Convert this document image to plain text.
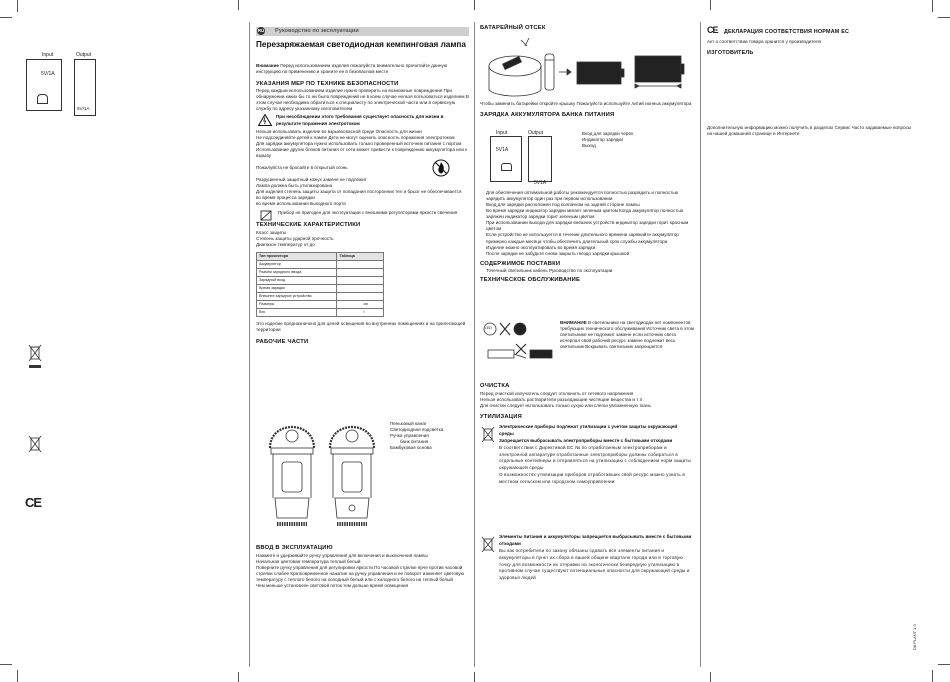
Input	Output
5V/1A
5V/1A
CE
RU Руководство по эксплуатации
Перезаряжаемая светодиодная кемпинговая лампа

Внимание Перед использованием изделия пожалуйста внимательно прочитайте данную инструкцию по применению и храните ее в безопасном месте

УКАЗАНИЯ МЕР ПО ТЕХНИКЕ БЕЗОПАСНОСТИ

Перед каждым использованием изделие нужно проверить на возможные повреждения При обнаружении каких бы то ни было повреждений не в коем случае нельзя пользоваться изделием В этом случае необходимо обратиться к специалисту по электрической части или в сервисную службу по адресу указанному изготовителем

При несоблюдении этого требования существует опасность для жизни в результате поражения электротоком

Нельзя использовать изделие во взрывоопасной среде Опасность для жизни
Не подсоединяйте детей к лампе Дети не могут оценить опасность поражения электротоком
Для зарядки аккумулятора нужно использовать только проверенный источник питания с портом Использование других блоков питания от сети может привести к повреждению аккумулятора или к взрыву

Пожалуйста не бросайте в открытый огонь

Разрушенный защитный кожух замене не подлежит
Лампа должна быть утилизирована
Для изделия степень защиты защита от попадания посторонних тел и брызг не обеспечивается
во время процесса зарядки
во время использования выходного порта

Прибор не пригоден для эксплуатации с внешними регуляторами яркости свечения
ТЕХНИЧЕСКИЕ ХАРАКТЕРИСТИКИ

Класс защиты
Степень защиты ударной прочность
Диапазон температур от до

Тип прожектора	Таблица
Аккумулятор	
Разъём зарядного ввода	
Зарядный вход	
Время зарядки	
Внешнее зарядное устройство	
Размеры	см
Вес	г

Это изделие предназначено для целей освещения во внутренних помещениях и на прилегающей территории

РАБОЧИЕ ЧАСТИ
Пеньковый канат
Светодиодная подсветка
Ручка управления
банк питания
Бамбуковая основа
ВВОД В ЭКСПЛУАТАЦИЮ

Нажмите и удерживайте ручку управления для включения и выключения лампы
Начальная цветовая температура теплый белый
Поверните ручку управления для регулировки яркости По часовой стрелке ярче против часовой стрелки слабее Кратковременное нажатие на ручку управления и ее поворот изменяет цветовую температуру с теплого белого на холодный белый или с холодного белого на теплый белый
Чем меньше установлен световой поток тем дольше время освещения

БАТАРЕЙНЫЙ ОТСЕК

Чтобы заменить батарейки откройте крышку Пожалуйста используйте литий ионных аккумулятора

ЗАРЯДКА АККУМУЛЯТОРА БАНКА ПИТАНИЯ
Input	Output
5V1A
5V1A
Вход для зарядки черех
Индикатор зарядки
Выход

Для обеспечения оптимальной работы рекомендуется полностью разрядить и полностью зарядить аккумулятор один раз при первом использовании
Вход для зарядки расположен под колпачком на задней стороне лампы
Во время зарядки индикатор зарядки мигает зеленым цветом Когда аккумулятор полностью заряжен индикатор зарядки горит зеленым цветом
При использовании выхода для зарядки внешних устройств индикатор зарядки горит красным цветом
Если устройство не используется в течение длительного времени заряжайте аккумулятор примерно каждые месяца чтобы обеспечить длительный срок службы аккумулятора
Изделие можно эксплуатировать во время зарядки
После зарядки не забудьте снова закрыть гнездо зарядки крышкой

СОДЕРЖИМОЕ ПОСТАВКИ

Точечный светильник кабель Руководство по эксплуатации

ТЕХНИЧЕСКОЕ ОБСЛУЖИВАНИЕ
LED

ВНИМАНИЕ В светильнике на светодиодах нет компонентов требующих технического обслуживания Источник света в этом светильнике не подлежит замене если источник света исчерпал свой рабочий ресурс замене подлежит весь светильник Вскрывать светильник запрещается

ОЧИСТКА

Перед очисткой излучатель следует отключить от сетевого напряжения
Нельзя использовать растворители разъедающие чистящие вещества и т п
Для очистки следует использовать только сухую или слегка увлажненную ткань

УТИЛИЗАЦИЯ
Электрические приборы подлежат утилизации с учетом защиты окружающей среды
Запрещается выбрасывать электроприборы вместе с бытовыми отходами

В соответствии с Директивой ЕС № по отработанным электроприборам и электронной аппаратуре отработанные электроприборы должны собираться в отдельные контейнеры и отправляться на утилизацию с соблюдением норм защиты окружающей среды
О возможностях утилизации приборов отработавших свой ресурс можно узнать в местном сельском или городском самоуправлении

Элементы питания и аккумуляторы запрещается выбрасывать вместе с бытовыми отходами

Вы как потребители по закону обязаны сдавать все элементы питания и аккумуляторы в пункт их сбора в вашей общине квартале города или в торговую точку для возможности их отправки на экологически безвредную утилизацию в противном случае существуют потенциальные опасности для окружающей среды и здоровья людей

CE ДЕКЛАРАЦИЯ СООТВЕТСТВИЯ НОРМАМ ЕС
Акт о соответствии товара хранится у производителя
ИЗГОТОВИТЕЛЬ
Дополнительную информацию можно получить в разделах Сервис Часто задаваемые вопросы на нашей домашней странице в Интернете
D8 PLANT 1 0
